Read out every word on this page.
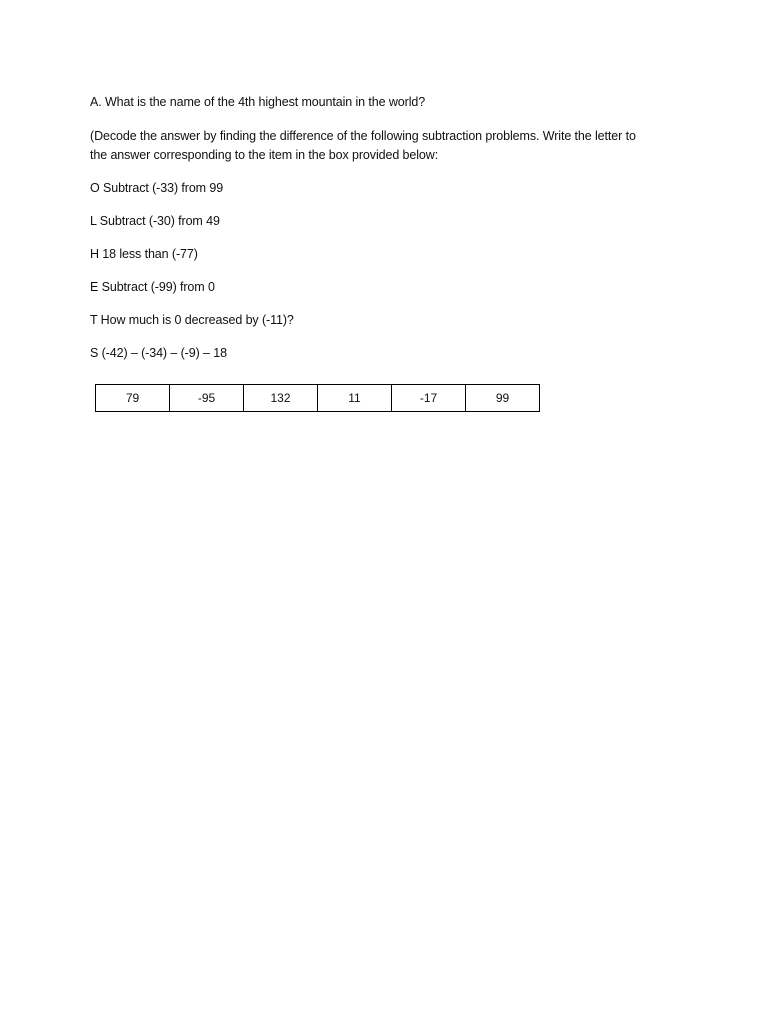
A. What is the name of the 4th highest mountain in the world?
(Decode the answer by finding the difference of the following subtraction problems. Write the letter to
the answer corresponding to the item in the box provided below:
O Subtract (-33) from 99
L Subtract (-30) from 49
H 18 less than (-77)
E Subtract (-99) from 0
T How much is 0 decreased by (-11)?
S (-42) – (-34) – (-9) – 18
79	-95	132	11	-17	99
